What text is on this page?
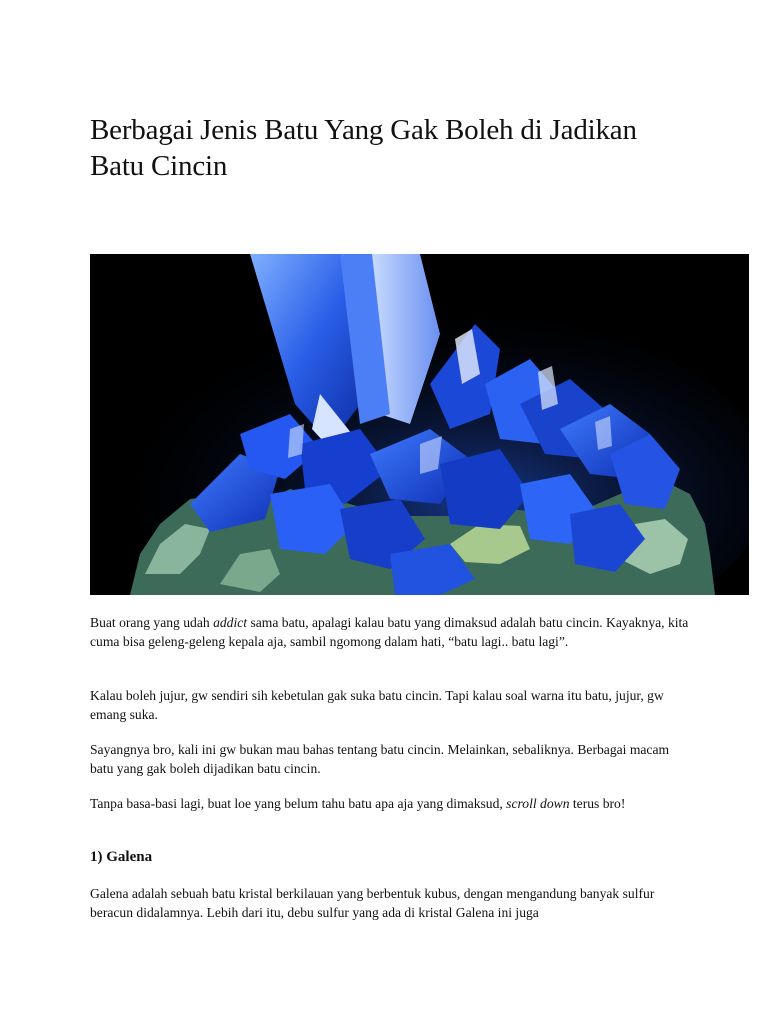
Berbagai Jenis Batu Yang Gak Boleh di Jadikan Batu Cincin

Buat orang yang udah addict sama batu, apalagi kalau batu yang dimaksud adalah batu cincin. Kayaknya, kita cuma bisa geleng-geleng kepala aja, sambil ngomong dalam hati, “batu lagi.. batu lagi”.

Kalau boleh jujur, gw sendiri sih kebetulan gak suka batu cincin. Tapi kalau soal warna itu batu, jujur, gw emang suka.

Sayangnya bro, kali ini gw bukan mau bahas tentang batu cincin. Melainkan, sebaliknya. Berbagai macam batu yang gak boleh dijadikan batu cincin.

Tanpa basa-basi lagi, buat loe yang belum tahu batu apa aja yang dimaksud, scroll down terus bro!

1) Galena

Galena adalah sebuah batu kristal berkilauan yang berbentuk kubus, dengan mengandung banyak sulfur beracun didalamnya. Lebih dari itu, debu sulfur yang ada di kristal Galena ini juga
